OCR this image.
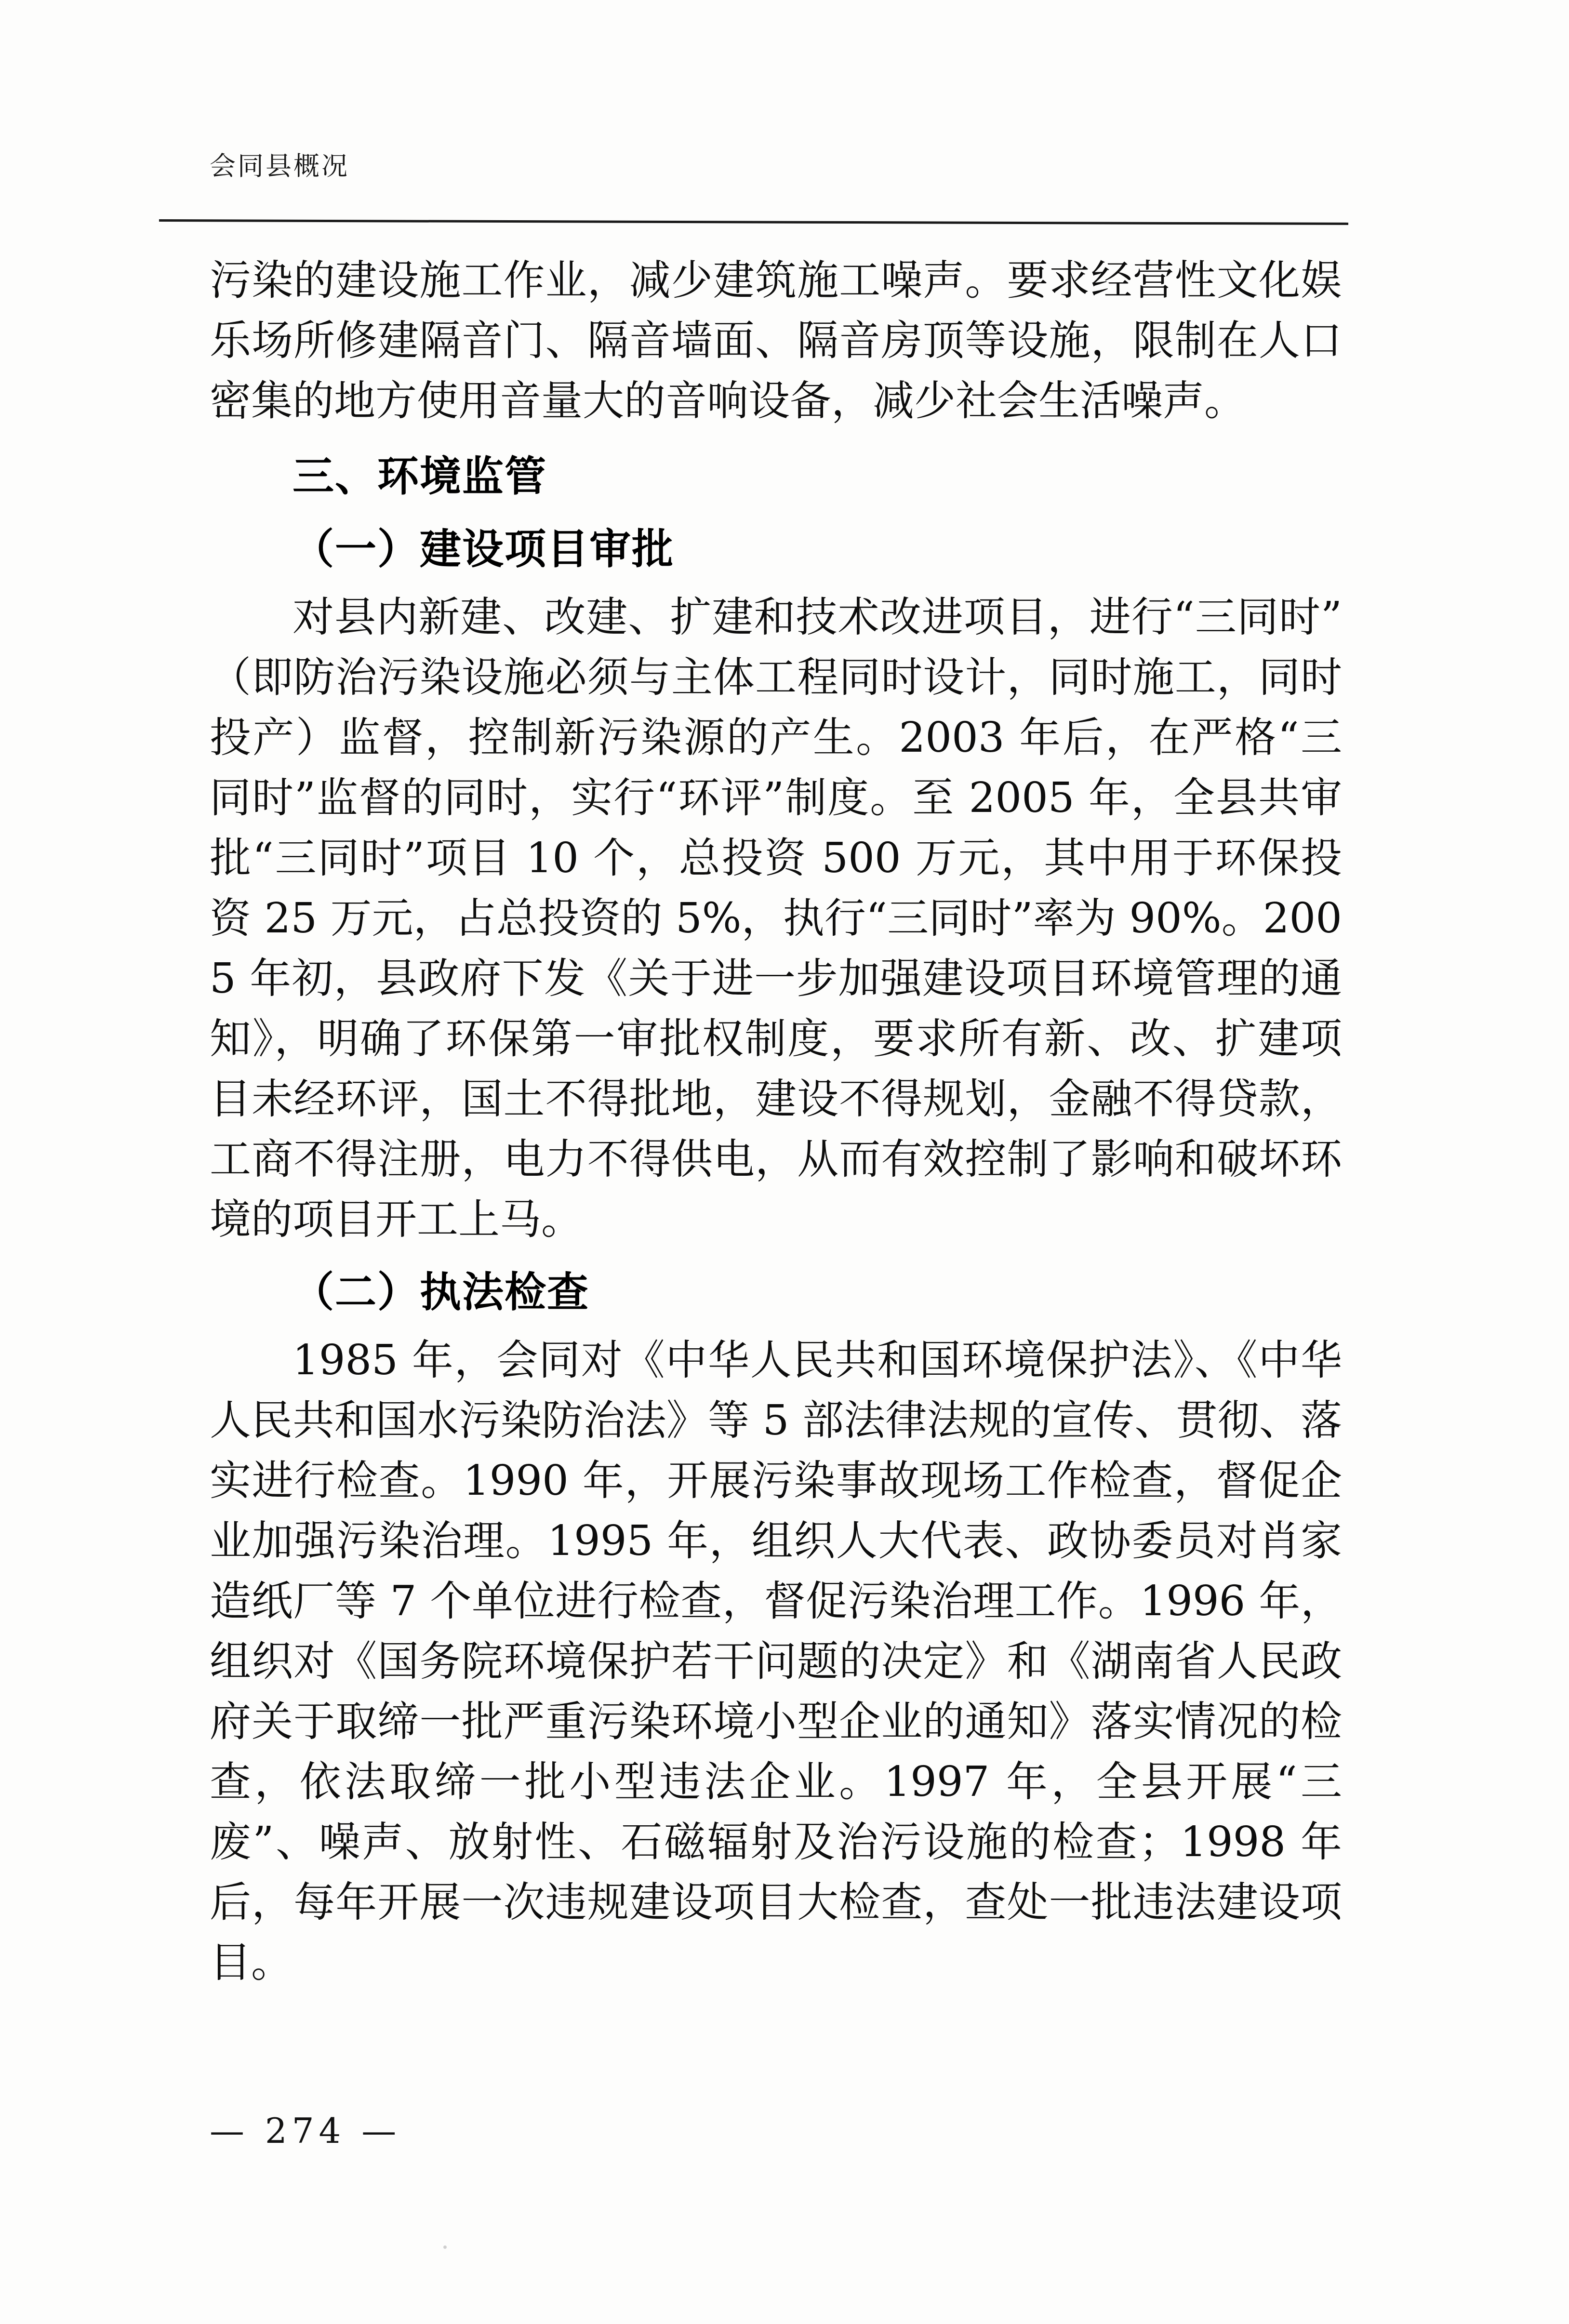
会同县概况

污染的建设施工作业，减少建筑施工噪声。要求经营性文化娱乐场所修建隔音门、隔音墙面、隔音房顶等设施，限制在人口密集的地方使用音量大的音响设备，减少社会生活噪声。

三、环境监管
（一）建设项目审批

对县内新建、改建、扩建和技术改进项目，进行“三同时”（即防治污染设施必须与主体工程同时设计，同时施工，同时投产）监督，控制新污染源的产生。2003 年后，在严格“三同时”监督的同时，实行“环评”制度。至 2005 年，全县共审批“三同时”项目 10 个，总投资 500 万元，其中用于环保投资 25 万元，占总投资的 5%，执行“三同时”率为 90%。2005 年初，县政府下发《关于进一步加强建设项目环境管理的通知》，明确了环保第一审批权制度，要求所有新、改、扩建项目未经环评，国土不得批地，建设不得规划，金融不得贷款，工商不得注册，电力不得供电，从而有效控制了影响和破坏环境的项目开工上马。

（二）执法检查

1985 年，会同对《中华人民共和国环境保护法》、《中华人民共和国水污染防治法》等 5 部法律法规的宣传、贯彻、落实进行检查。1990 年，开展污染事故现场工作检查，督促企业加强污染治理。1995 年，组织人大代表、政协委员对肖家造纸厂等 7 个单位进行检查，督促污染治理工作。1996 年，组织对《国务院环境保护若干问题的决定》和《湖南省人民政府关于取缔一批严重污染环境小型企业的通知》落实情况的检查，依法取缔一批小型违法企业。1997 年，全县开展“三废”、噪声、放射性、石磁辐射及治污设施的检查；1998 年后，每年开展一次违规建设项目大检查，查处一批违法建设项目。

— 274 —
